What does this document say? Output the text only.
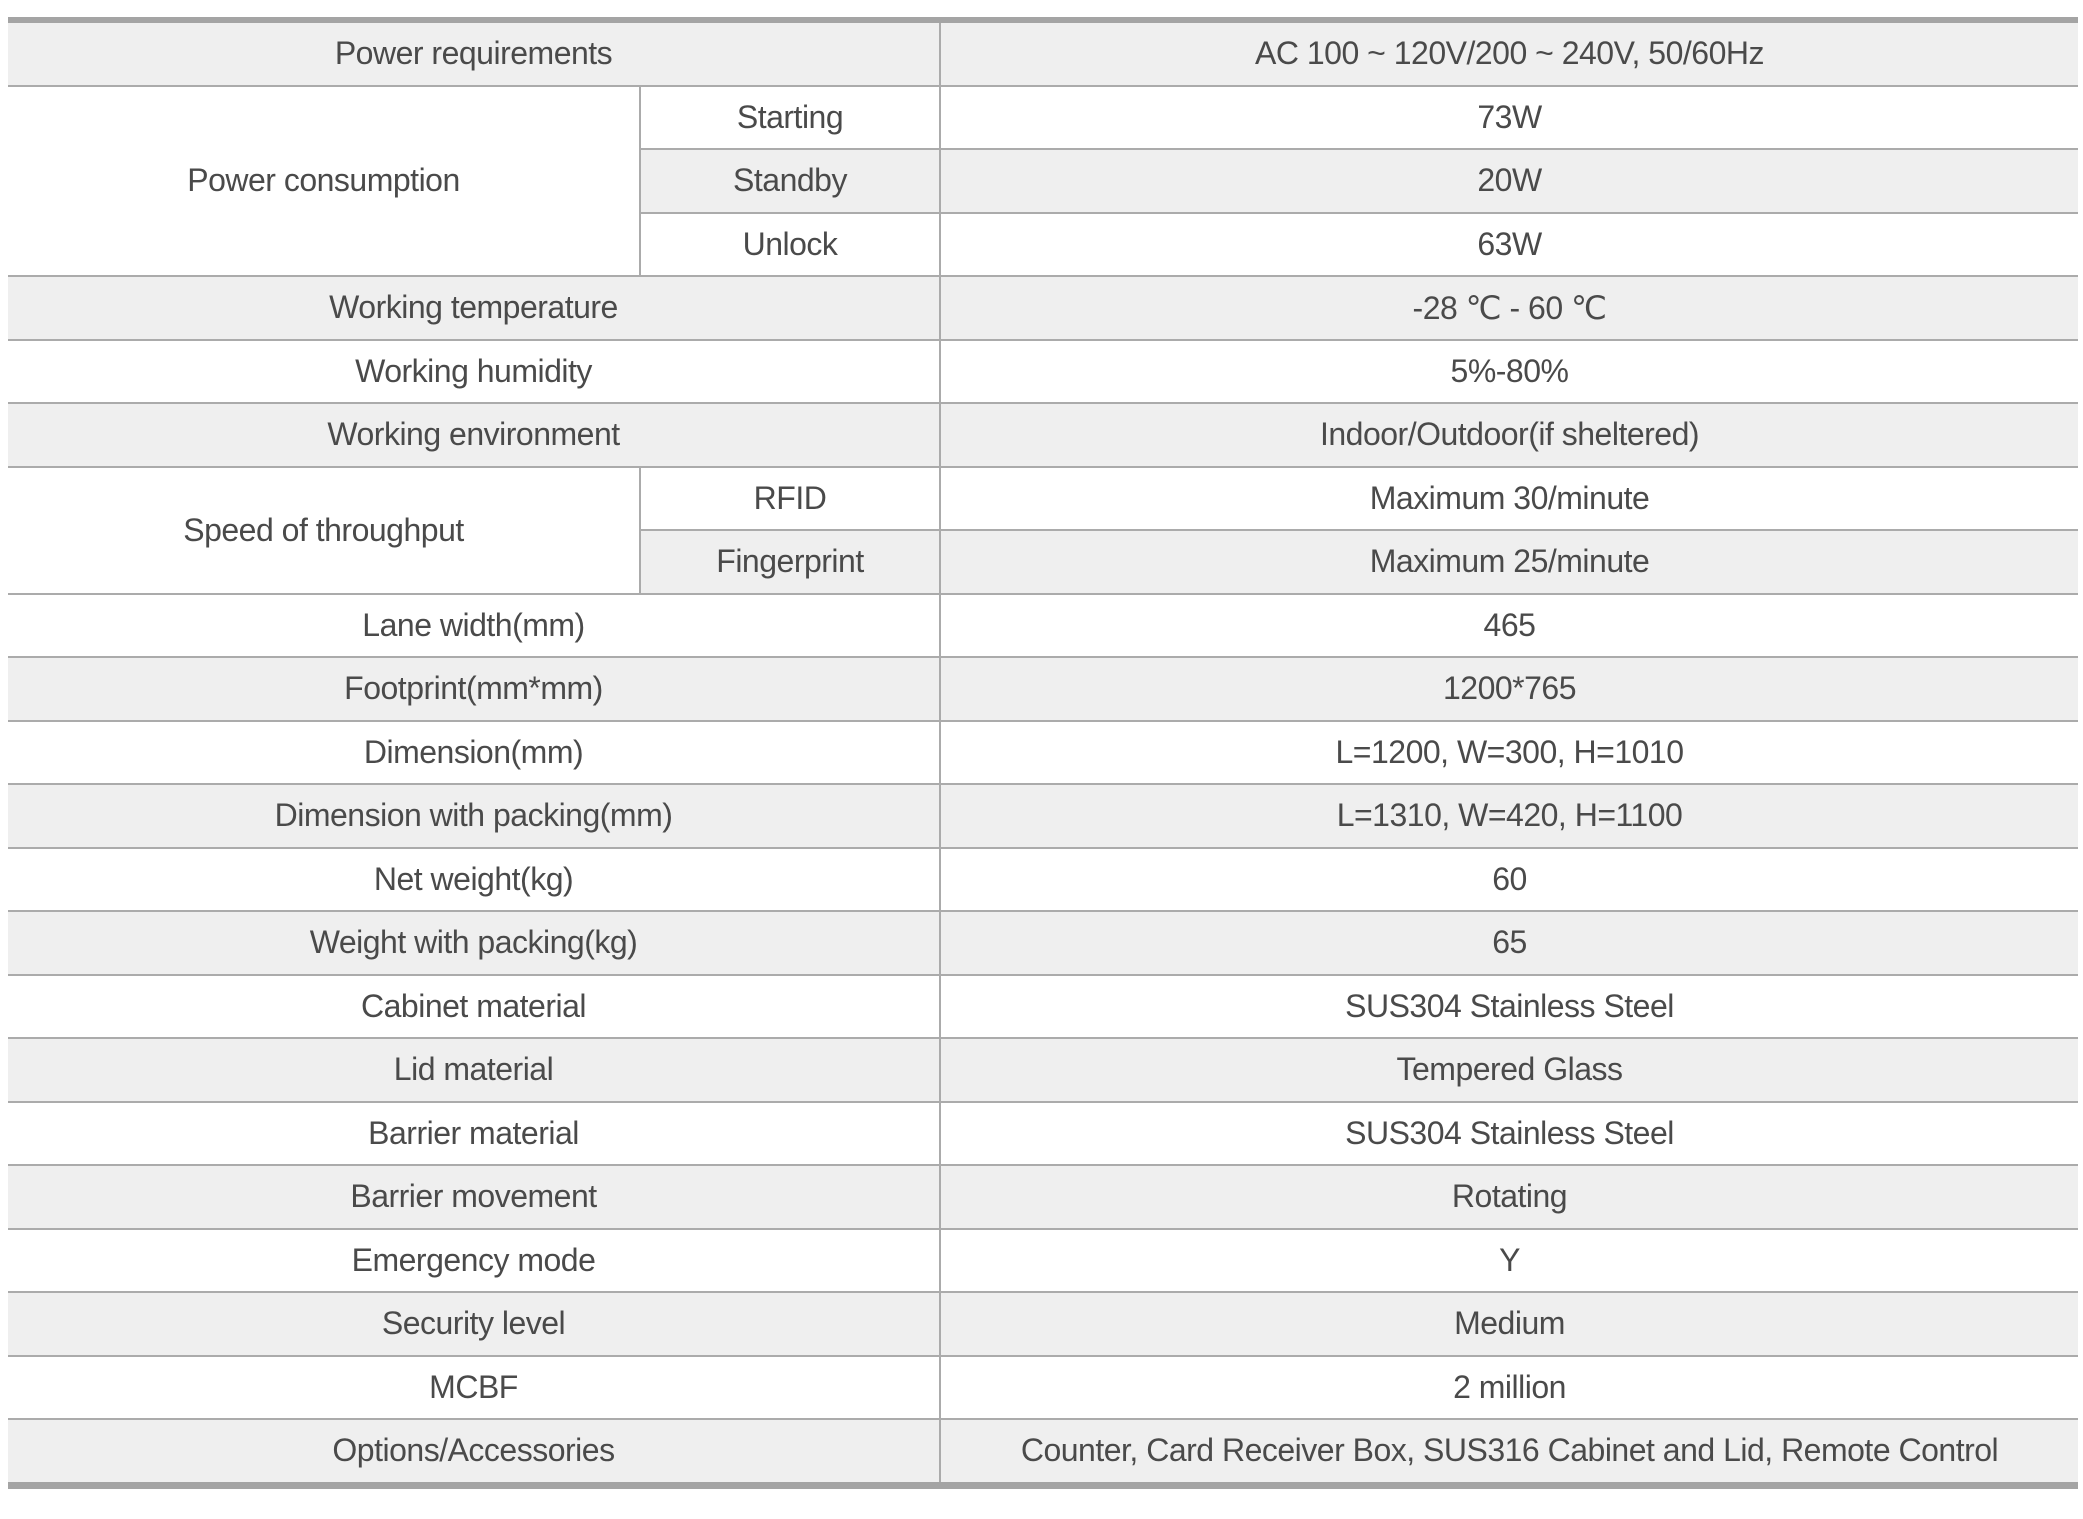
Power requirements		AC 100 ~ 120V/200 ~ 240V, 50/60Hz
Power consumption	Starting	73W
	Standby	20W
	Unlock	63W
Working temperature		-28 ℃ - 60 ℃
Working humidity		5%-80%
Working environment		Indoor/Outdoor(if sheltered)
Speed of throughput	RFID	Maximum 30/minute
	Fingerprint	Maximum 25/minute
Lane width(mm)		465
Footprint(mm*mm)		1200*765
Dimension(mm)		L=1200, W=300, H=1010
Dimension with packing(mm)		L=1310, W=420, H=1100
Net weight(kg)		60
Weight with packing(kg)		65
Cabinet material		SUS304 Stainless Steel
Lid material		Tempered Glass
Barrier material		SUS304 Stainless Steel
Barrier movement		Rotating
Emergency mode		Y
Security level		Medium
MCBF		2 million
Options/Accessories		Counter, Card Receiver Box, SUS316 Cabinet and Lid, Remote Control
